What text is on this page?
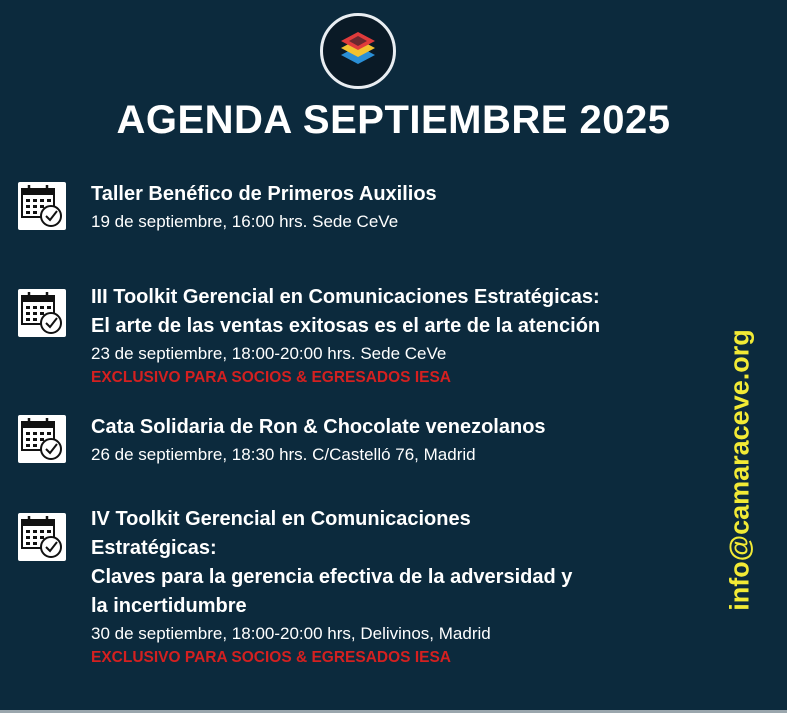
AGENDA SEPTIEMBRE 2025
Taller Benéfico de Primeros Auxilios
19 de septiembre, 16:00 hrs. Sede CeVe
III Toolkit Gerencial en Comunicaciones Estratégicas:
El arte de las ventas exitosas es el arte de la atención
23 de septiembre, 18:00-20:00 hrs. Sede CeVe
EXCLUSIVO PARA SOCIOS & EGRESADOS IESA
Cata Solidaria de Ron & Chocolate venezolanos
26 de septiembre, 18:30 hrs. C/Castelló 76, Madrid
IV Toolkit Gerencial en Comunicaciones
Estratégicas:
Claves para la gerencia efectiva de la adversidad y
la incertidumbre
30 de septiembre, 18:00-20:00 hrs, Delivinos, Madrid
EXCLUSIVO PARA SOCIOS & EGRESADOS IESA
info@camaraceve.org
